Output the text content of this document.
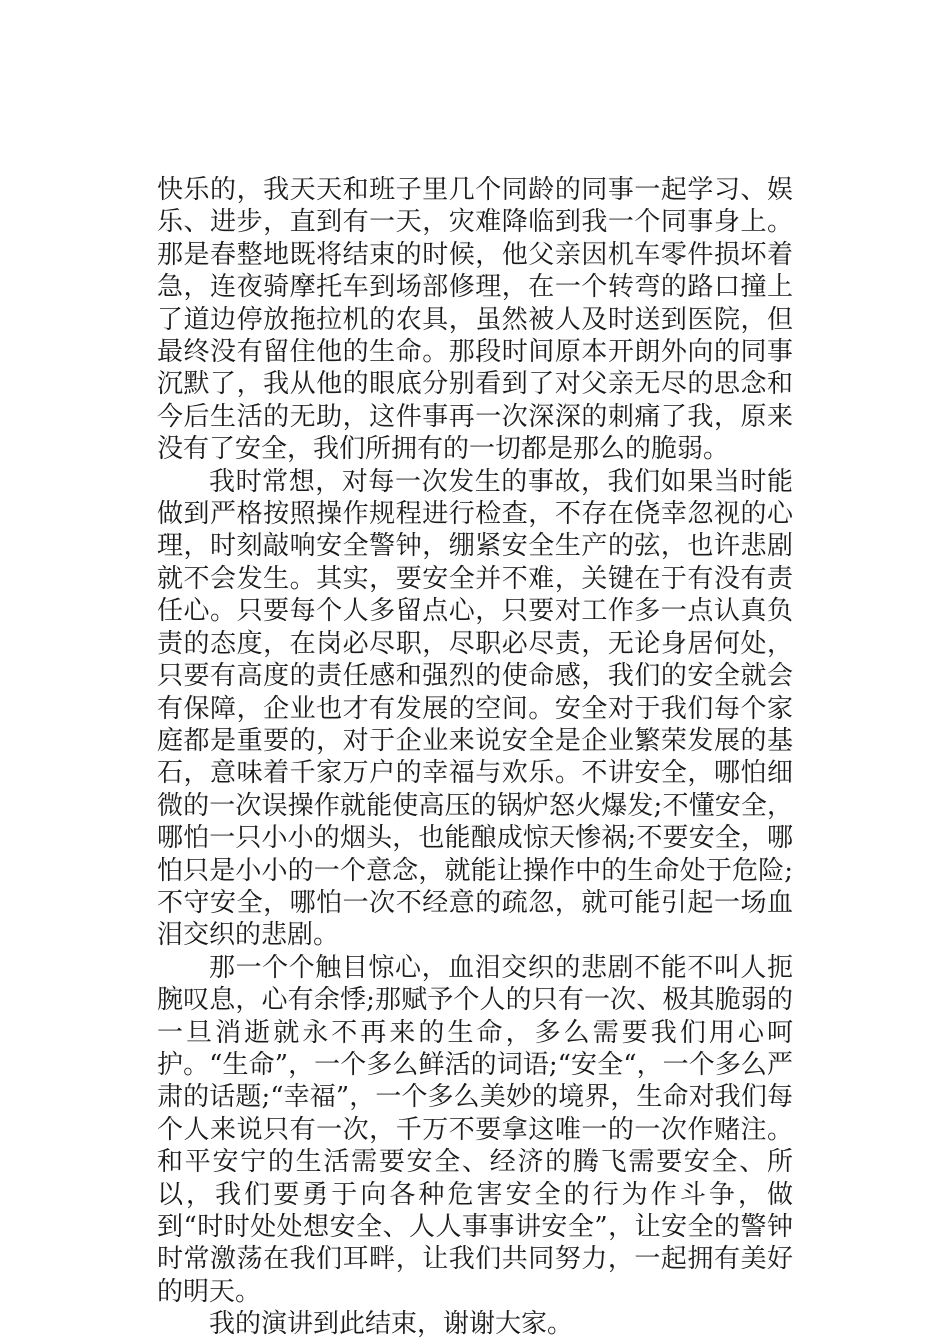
快乐的，我天天和班子里几个同龄的同事一起学习、娱乐、进步，直到有一天，灾难降临到我一个同事身上。那是春整地既将结束的时候，他父亲因机车零件损坏着急，连夜骑摩托车到场部修理，在一个转弯的路口撞上了道边停放拖拉机的农具，虽然被人及时送到医院，但最终没有留住他的生命。那段时间原本开朗外向的同事沉默了，我从他的眼底分别看到了对父亲无尽的思念和今后生活的无助，这件事再一次深深的刺痛了我，原来没有了安全，我们所拥有的一切都是那么的脆弱。

我时常想，对每一次发生的事故，我们如果当时能做到严格按照操作规程进行检查，不存在侥幸忽视的心理，时刻敲响安全警钟，绷紧安全生产的弦，也许悲剧就不会发生。其实，要安全并不难，关键在于有没有责任心。只要每个人多留点心，只要对工作多一点认真负责的态度，在岗必尽职，尽职必尽责，无论身居何处，只要有高度的责任感和强烈的使命感，我们的安全就会有保障，企业也才有发展的空间。安全对于我们每个家庭都是重要的，对于企业来说安全是企业繁荣发展的基石，意味着千家万户的幸福与欢乐。不讲安全，哪怕细微的一次误操作就能使高压的锅炉怒火爆发;不懂安全，哪怕一只小小的烟头，也能酿成惊天惨祸;不要安全，哪怕只是小小的一个意念，就能让操作中的生命处于危险;不守安全，哪怕一次不经意的疏忽，就可能引起一场血泪交织的悲剧。

那一个个触目惊心，血泪交织的悲剧不能不叫人扼腕叹息，心有余悸;那赋予个人的只有一次、极其脆弱的一旦消逝就永不再来的生命，多么需要我们用心呵护。“生命”，一个多么鲜活的词语;“安全“，一个多么严肃的话题;“幸福”，一个多么美妙的境界，生命对我们每个人来说只有一次，千万不要拿这唯一的一次作赌注。和平安宁的生活需要安全、经济的腾飞需要安全、所以，我们要勇于向各种危害安全的行为作斗争，做到“时时处处想安全、人人事事讲安全”，让安全的警钟时常激荡在我们耳畔，让我们共同努力，一起拥有美好的明天。

我的演讲到此结束，谢谢大家。
